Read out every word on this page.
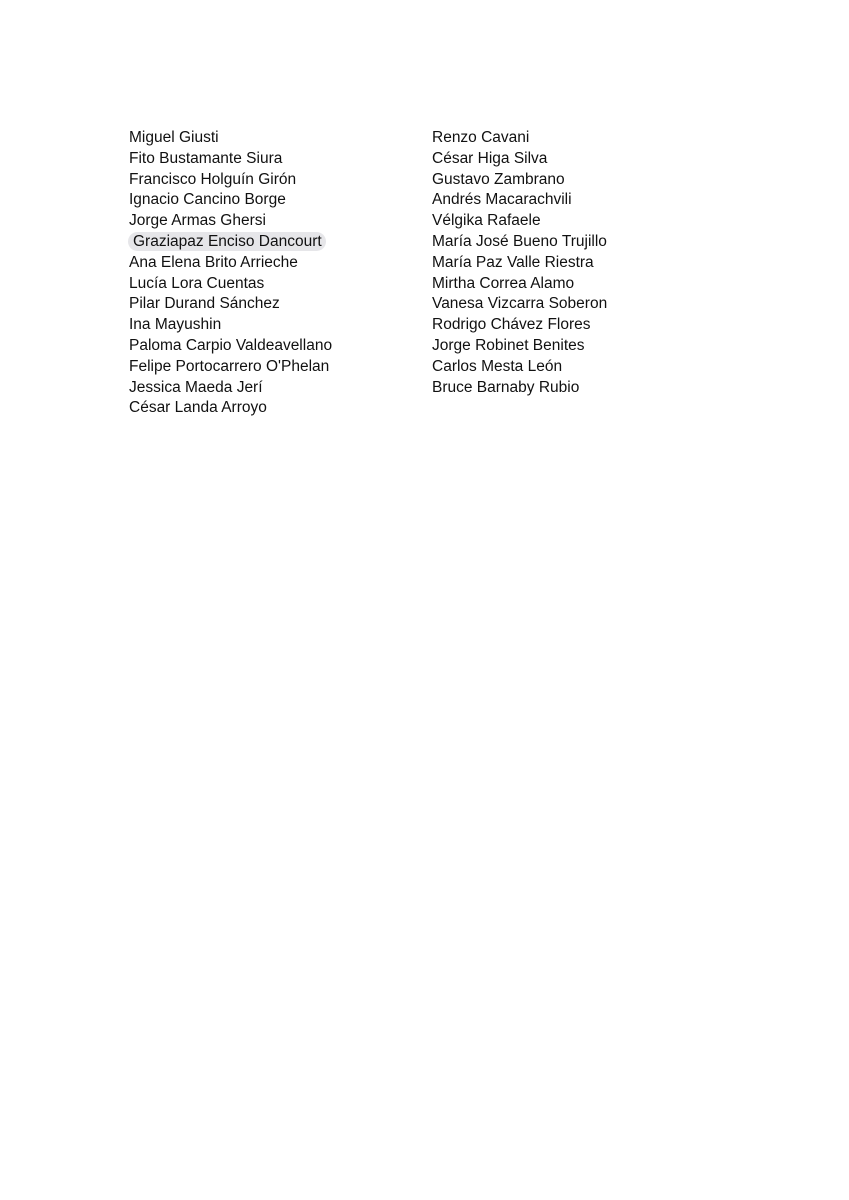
Miguel Giusti
Fito Bustamante Siura
Francisco Holguín Girón
Ignacio Cancino Borge
Jorge Armas Ghersi
Graziapaz Enciso Dancourt
Ana Elena Brito Arrieche
Lucía Lora Cuentas
Pilar Durand Sánchez
Ina Mayushin
Paloma Carpio Valdeavellano
Felipe Portocarrero O'Phelan
Jessica Maeda Jerí
César Landa Arroyo
Renzo Cavani
César Higa Silva
Gustavo Zambrano
Andrés Macarachvili
Vélgika Rafaele
María José Bueno Trujillo
María Paz Valle Riestra
Mirtha Correa Alamo
Vanesa Vizcarra Soberon
Rodrigo Chávez Flores
Jorge Robinet Benites
Carlos Mesta León
Bruce Barnaby Rubio
